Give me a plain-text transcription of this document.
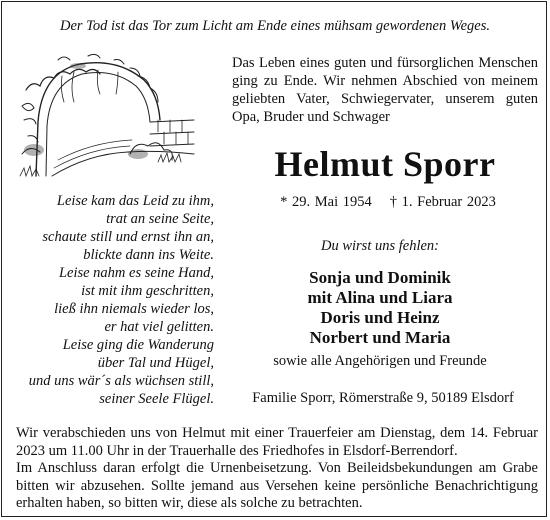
Der Tod ist das Tor zum Licht am Ende eines mühsam gewordenen Weges.
Das Leben eines guten und fürsorglichen Menschen ging zu Ende. Wir nehmen Abschied von meinem geliebten Vater, Schwiegervater, unserem guten Opa, Bruder und Schwager
Helmut Sporr
* 29. Mai 1954 † 1. Februar 2023
Du wirst uns fehlen:
Sonja und Dominik
mit Alina und Liara
Doris und Heinz
Norbert und Maria
sowie alle Angehörigen und Freunde
Familie Sporr, Römerstraße 9, 50189 Elsdorf
Leise kam das Leid zu ihm,
trat an seine Seite,
schaute still und ernst ihn an,
blickte dann ins Weite.
Leise nahm es seine Hand,
ist mit ihm geschritten,
ließ ihn niemals wieder los,
er hat viel gelitten.
Leise ging die Wanderung
über Tal und Hügel,
und uns wär´s als wüchsen still,
seiner Seele Flügel.
Wir verabschieden uns von Helmut mit einer Trauerfeier am Dienstag, dem 14. Februar 2023 um 11.00 Uhr in der Trauerhalle des Friedhofes in Elsdorf-Berrendorf.
Im Anschluss daran erfolgt die Urnenbeisetzung. Von Beileidsbekundungen am Grabe bitten wir abzusehen. Sollte jemand aus Versehen keine persönliche Benachrichtigung erhalten haben, so bitten wir, diese als solche zu betrachten.
